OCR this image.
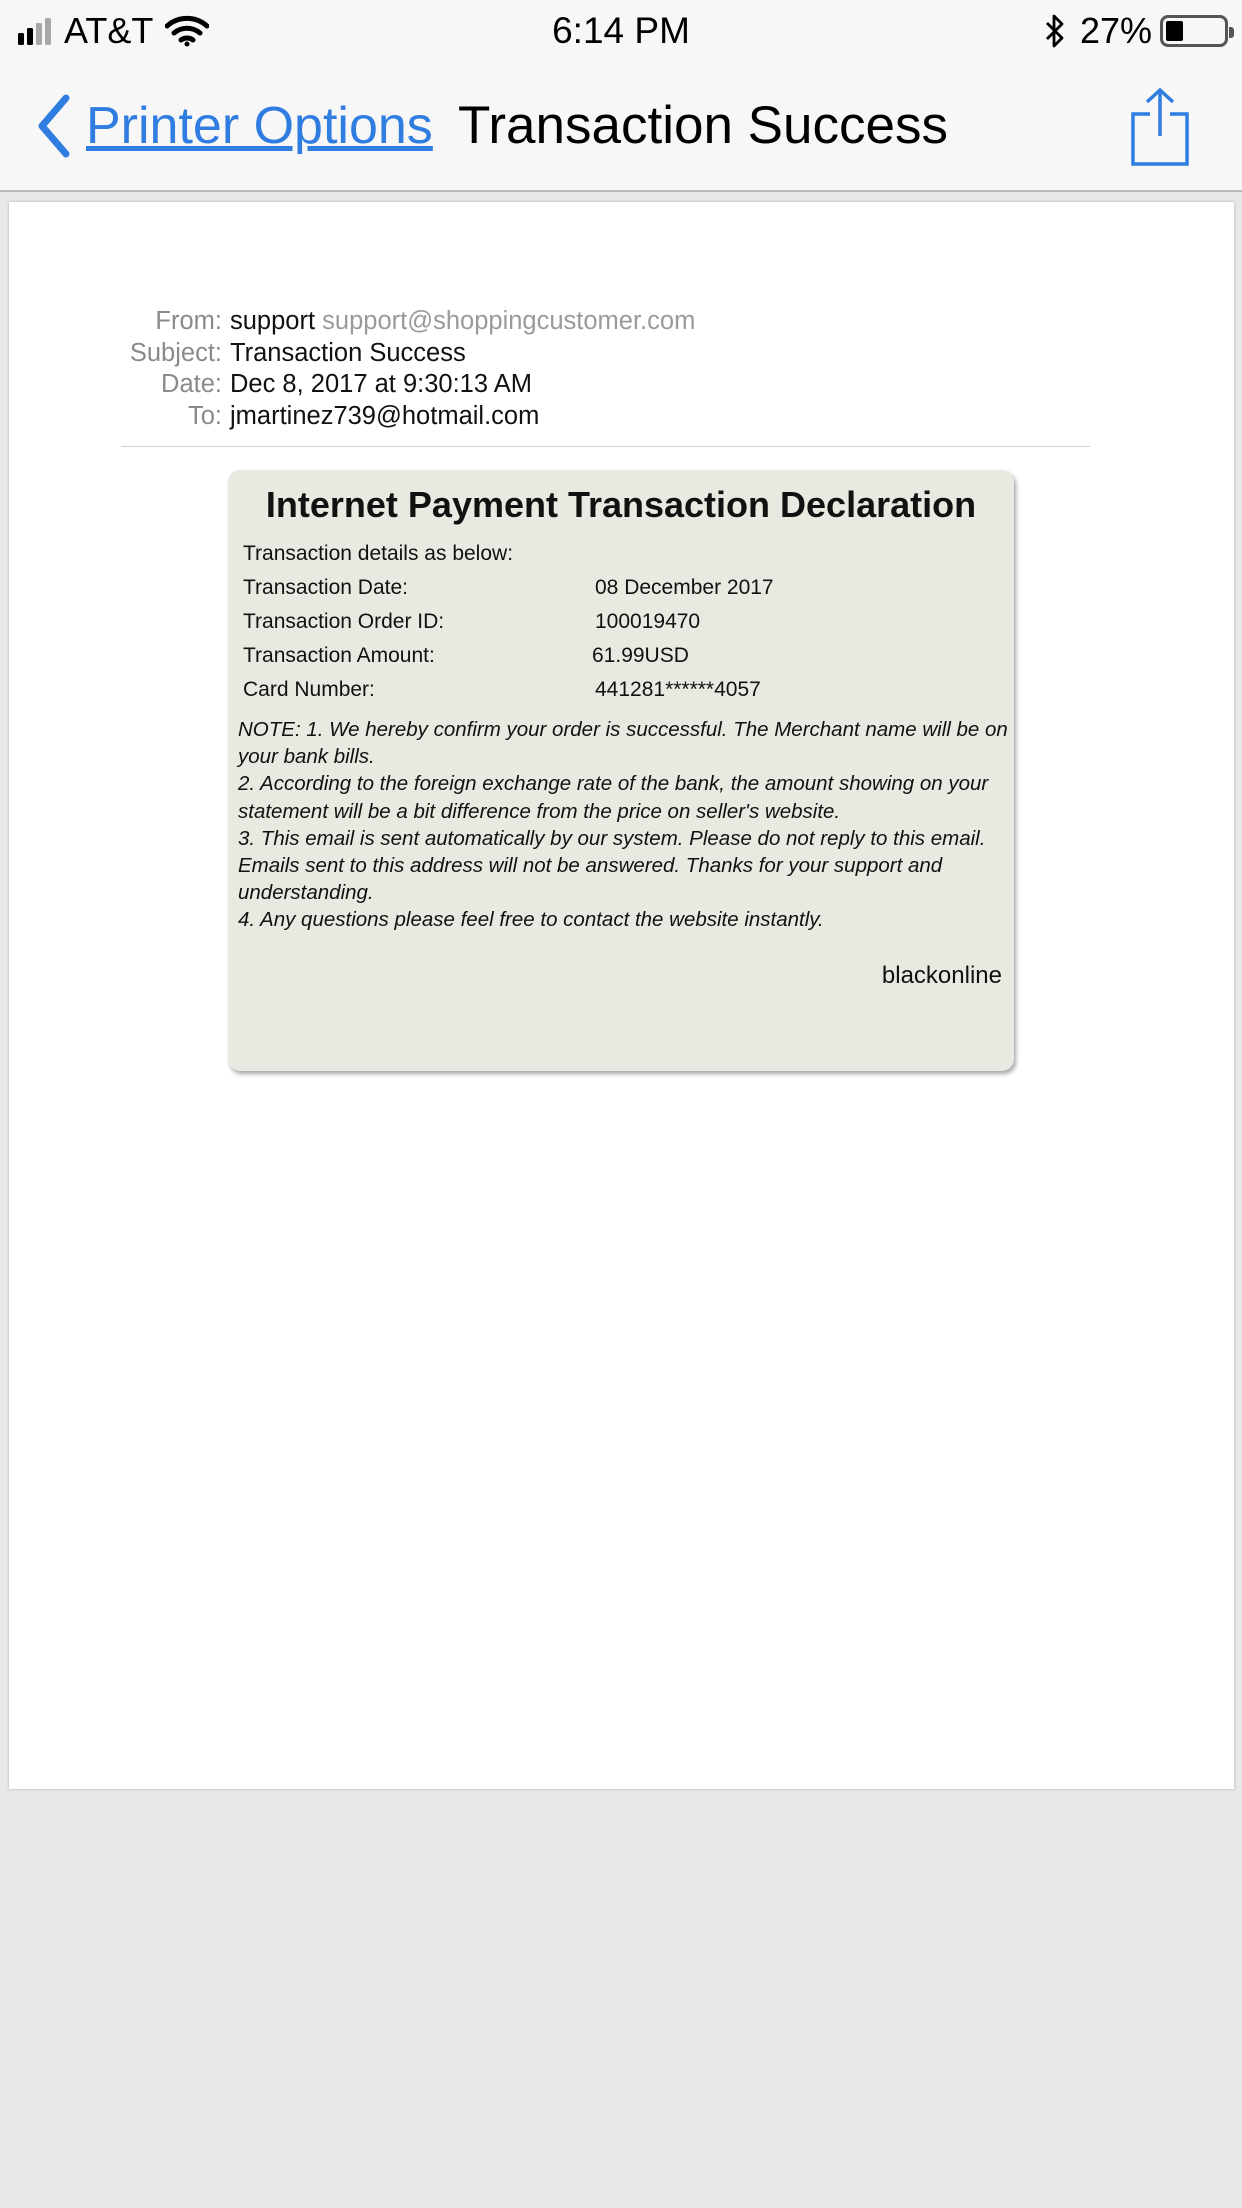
AT&T	6:14 PM	27%
Printer Options Transaction Success
From: support support@shoppingcustomer.com
Subject: Transaction Success
Date: Dec 8, 2017 at 9:30:13 AM
To: jmartinez739@hotmail.com
Internet Payment Transaction Declaration
Transaction details as below:
Transaction Date:	08 December 2017
Transaction Order ID:	100019470
Transaction Amount:	61.99USD
Card Number:	441281******4057

NOTE: 1. We hereby confirm your order is successful. The Merchant name will be on your bank bills.

2. According to the foreign exchange rate of the bank, the amount showing on your statement will be a bit difference from the price on seller's website.

3. This email is sent automatically by our system. Please do not reply to this email. Emails sent to this address will not be answered. Thanks for your support and understanding.

4. Any questions please feel free to contact the website instantly.

blackonline
